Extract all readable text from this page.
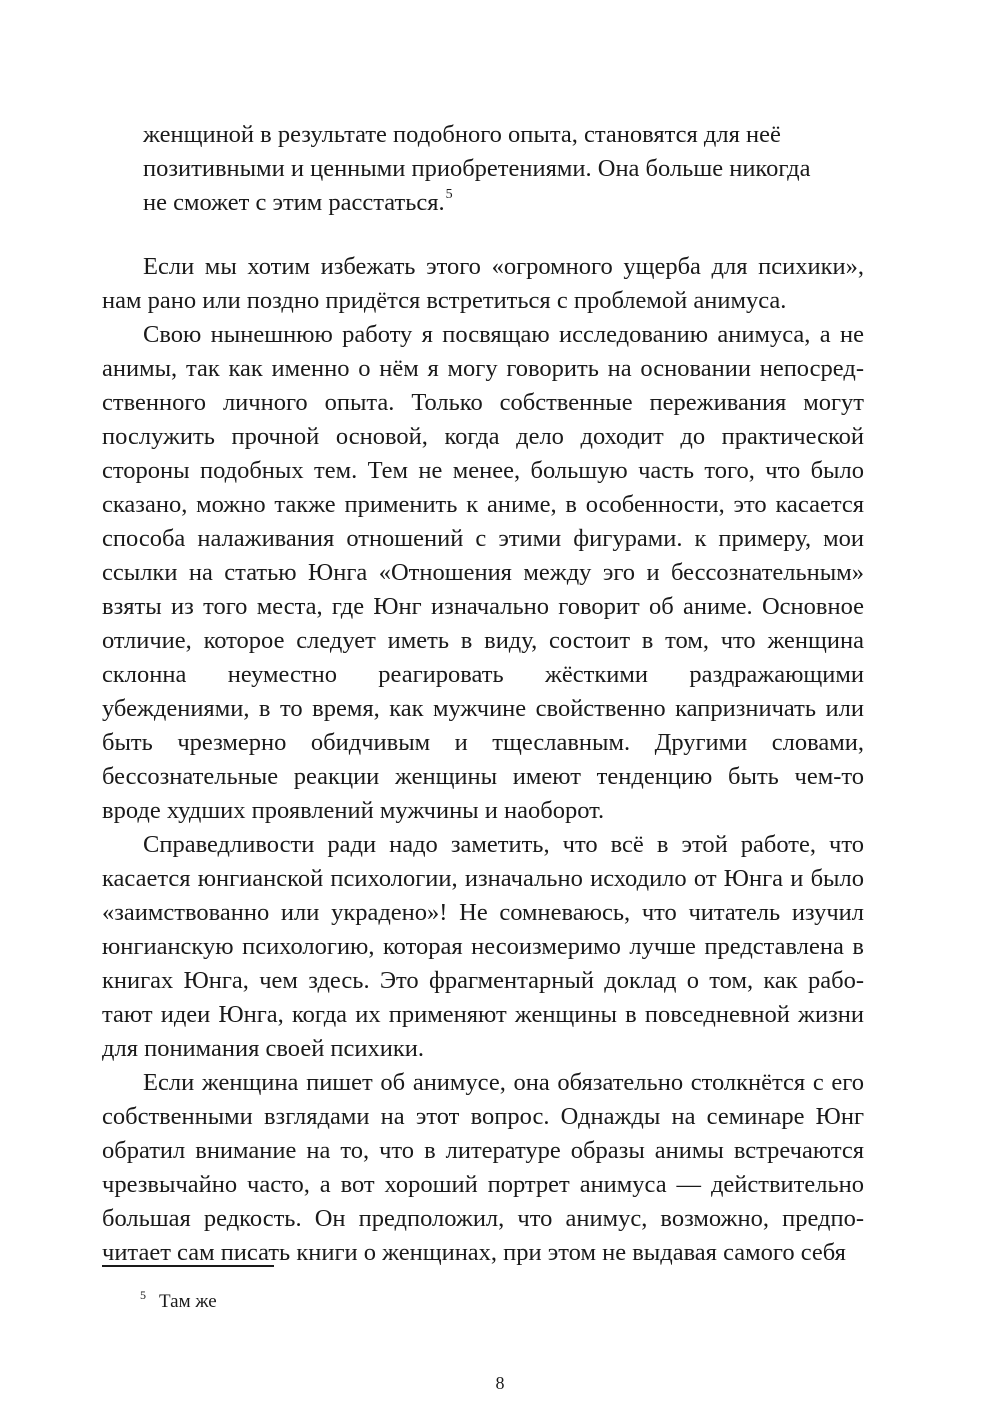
женщиной в результате подобного опыта, становятся для неё

позитивными и ценными приобретениями. Она больше никогда

не сможет с этим расстаться.$^5$

Если мы хотим избежать этого «огромного ущерба для психики», нам рано или поздно придётся встретиться с проблемой анимуса.

Свою нынешнюю работу я посвящаю исследованию анимуса, а не анимы, так как именно о нём я могу говорить на основании непосредственного личного опыта. Только собственные переживания могут послужить прочной основой, когда дело доходит до практической стороны подобных тем. Тем не менее, большую часть того, что было сказано, можно также применить к аниме, в особенности, это касается способа налаживания отношений с этими фигурами. к примеру, мои ссылки на статью Юнга «Отношения между эго и бессознательным» взяты из того места, где Юнг изначально говорит об аниме. Основное отличие, которое следует иметь в виду, состоит в том, что женщина склонна неуместно реагировать жёсткими раздражающими убеждениями, в то время, как мужчине свойственно капризничать или быть чрезмерно обидчивым и тщеславным. Другими словами, бессознательные реакции женщины имеют тенденцию быть чем-то вроде худших проявлений мужчины и наоборот.

Справедливости ради надо заметить, что всё в этой работе, что касается юнгианской психологии, изначально исходило от Юнга и было «заимствованно или украдено»! Не сомневаюсь, что читатель изучил юнгианскую психологию, которая несоизмеримо лучше представлена в книгах Юнга, чем здесь. Это фрагментарный доклад о том, как работают идеи Юнга, когда их применяют женщины в повседневной жизни для понимания своей психики.

Если женщина пишет об анимусе, она обязательно столкнётся с его собственными взглядами на этот вопрос. Однажды на семинаре Юнг обратил внимание на то, что в литературе образы анимы встречаются чрезвычайно часто, а вот хороший портрет анимуса — действительно большая редкость. Он предположил, что анимус, возможно, предпочитает сам писать книги о женщинах, при этом не выдавая самого себя

$^5$ Там же
8
